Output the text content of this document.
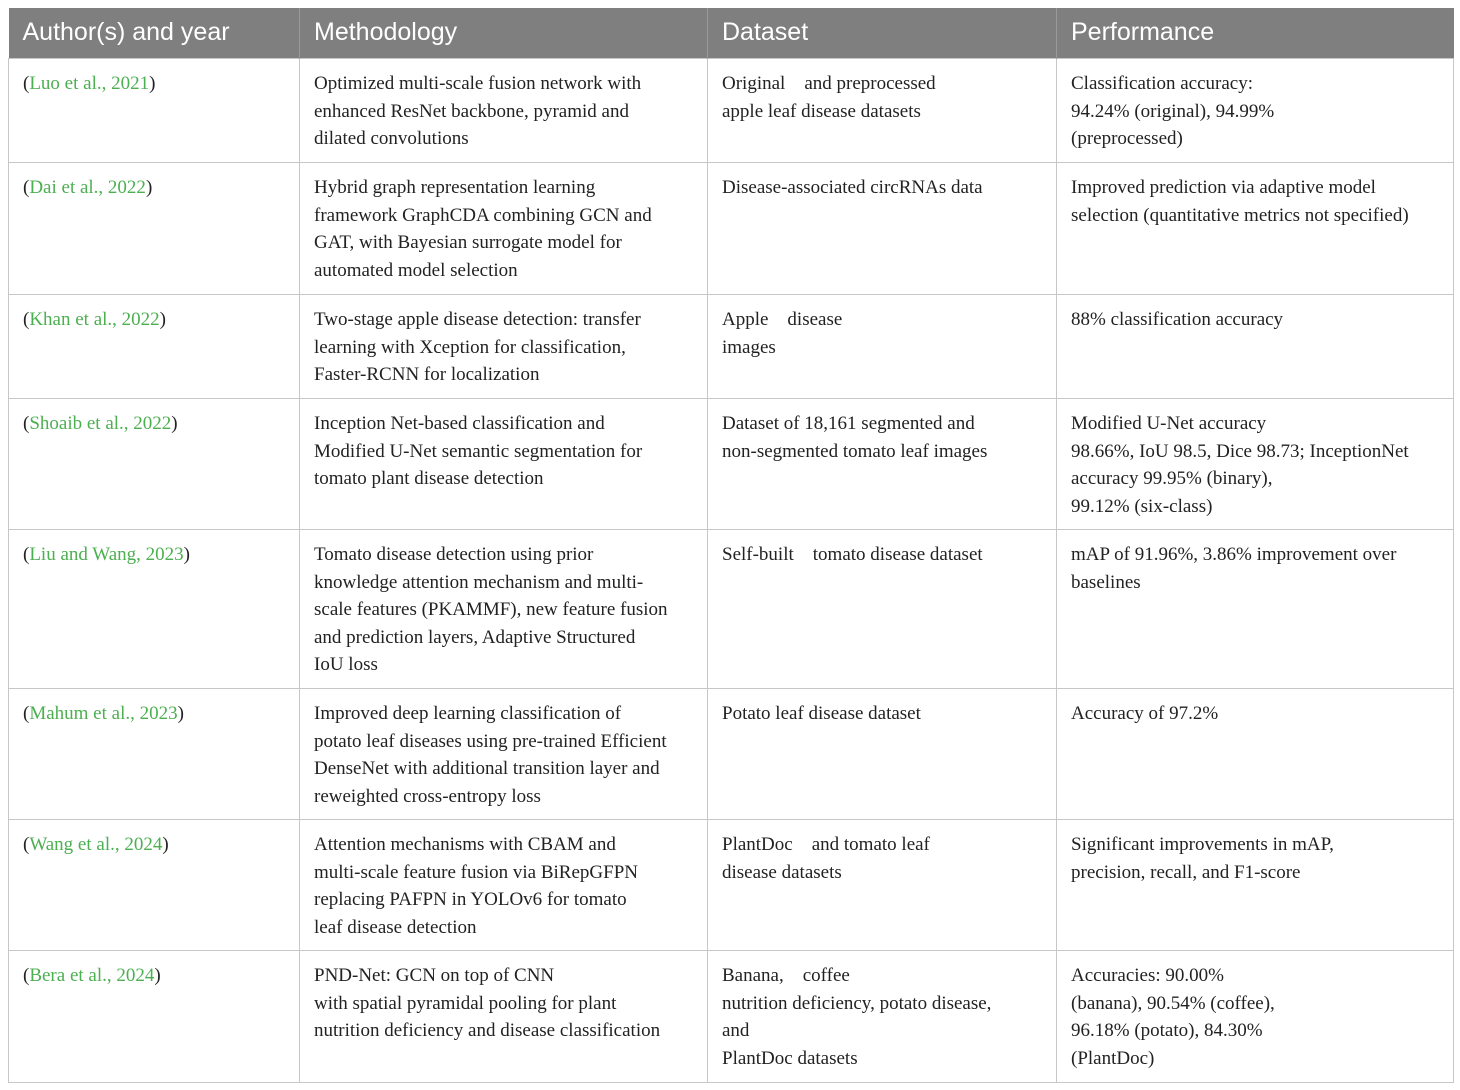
Author(s) and year	Methodology	Dataset	Performance
(Luo et al., 2021)	Optimized multi-scale fusion network with
enhanced ResNet backbone, pyramid and
dilated convolutions	Original    and preprocessed
apple leaf disease datasets	Classification accuracy:
94.24% (original), 94.99%
(preprocessed)

(Dai et al., 2022)	Hybrid graph representation learning
framework GraphCDA combining GCN and
GAT, with Bayesian surrogate model for
automated model selection	Disease-associated circRNAs data	Improved prediction via adaptive model
selection (quantitative metrics not specified)

(Khan et al., 2022)	Two-stage apple disease detection: transfer
learning with Xception for classification,
Faster-RCNN for localization	Apple    disease
images	88% classification accuracy

(Shoaib et al., 2022)	Inception Net-based classification and
Modified U-Net semantic segmentation for
tomato plant disease detection	Dataset of 18,161 segmented and
non-segmented tomato leaf images	Modified U-Net accuracy
98.66%, IoU 98.5, Dice 98.73; InceptionNet
accuracy 99.95% (binary),
99.12% (six-class)

(Liu and Wang, 2023)	Tomato disease detection using prior
knowledge attention mechanism and multi-
scale features (PKAMMF), new feature fusion
and prediction layers, Adaptive Structured
IoU loss	Self-built    tomato disease dataset	mAP of 91.96%, 3.86% improvement over
baselines

(Mahum et al., 2023)	Improved deep learning classification of
potato leaf diseases using pre-trained Efficient
DenseNet with additional transition layer and
reweighted cross-entropy loss	Potato leaf disease dataset	Accuracy of 97.2%

(Wang et al., 2024)	Attention mechanisms with CBAM and
multi-scale feature fusion via BiRepGFPN
replacing PAFPN in YOLOv6 for tomato
leaf disease detection	PlantDoc    and tomato leaf
disease datasets	Significant improvements in mAP,
precision, recall, and F1-score

(Bera et al., 2024)	PND-Net: GCN on top of CNN
with spatial pyramidal pooling for plant
nutrition deficiency and disease classification	Banana,    coffee
nutrition deficiency, potato disease,
and
PlantDoc datasets	Accuracies: 90.00%
(banana), 90.54% (coffee),
96.18% (potato), 84.30%
(PlantDoc)
